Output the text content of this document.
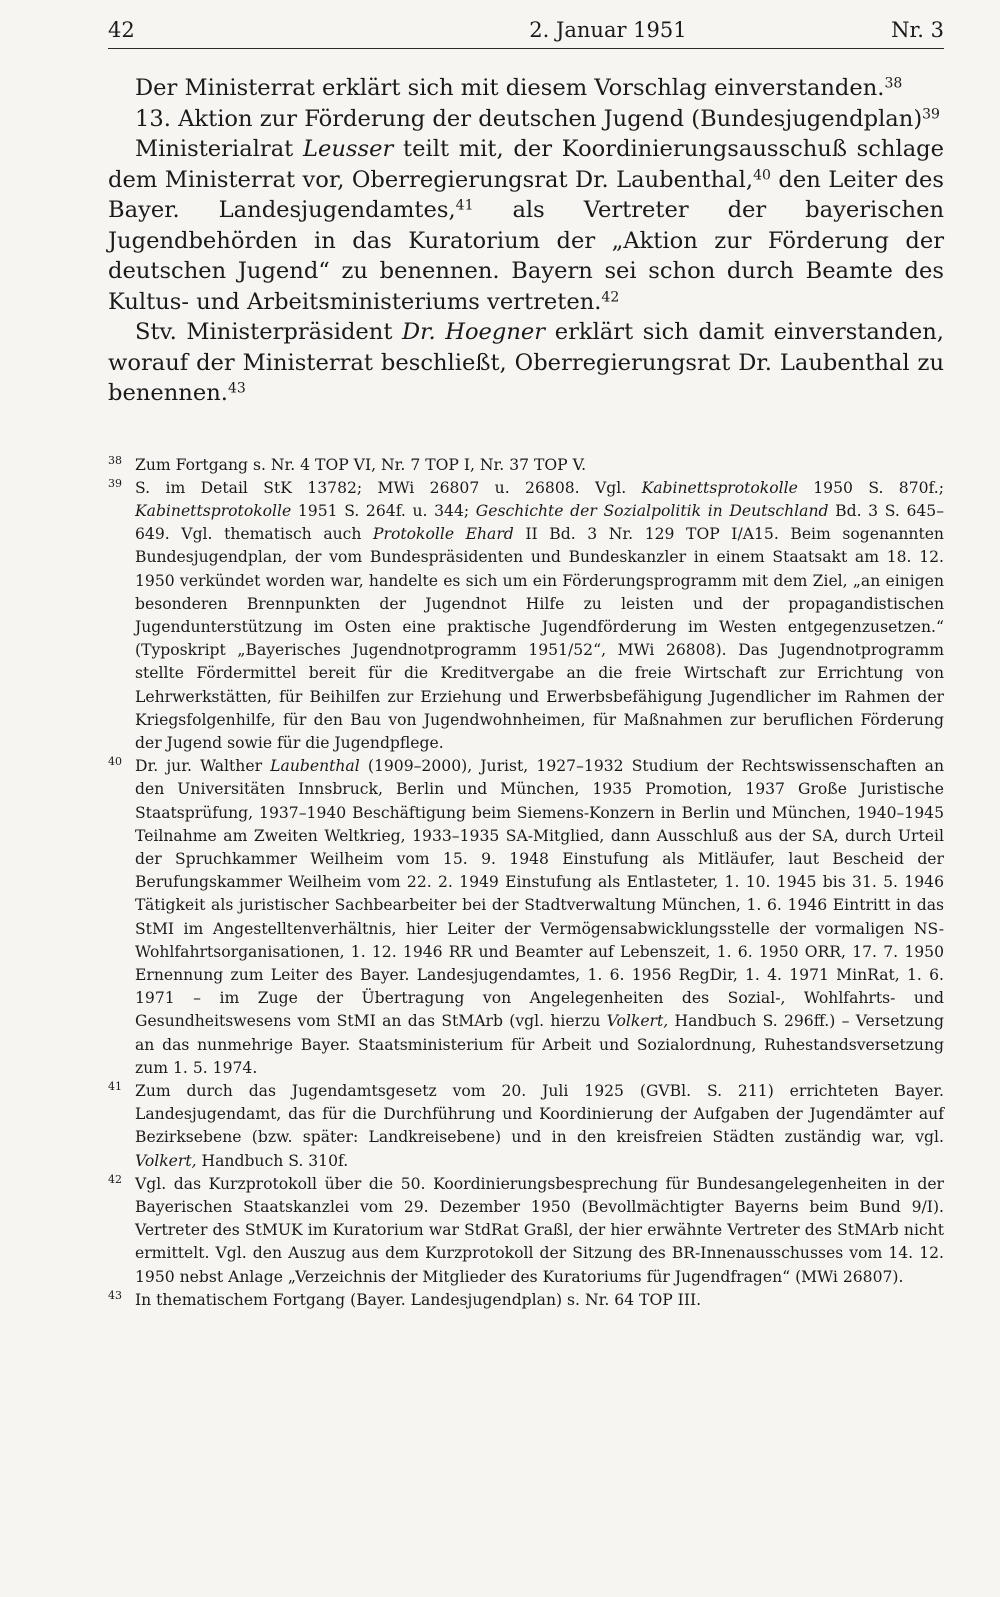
42	2. Januar 1951	Nr. 3

Der Ministerrat erklärt sich mit diesem Vorschlag einverstanden.$^{38}$

13. Aktion zur Förderung der deutschen Jugend (Bundesjugendplan)$^{39}$

Ministerialrat Leusser teilt mit, der Koordinierungsausschuß schlage dem Ministerrat vor, Oberregierungsrat Dr. Laubenthal,$^{40}$ den Leiter des Bayer. Landesjugendamtes,$^{41}$ als Vertreter der bayerischen Jugendbehörden in das Kuratorium der „Aktion zur Förderung der deutschen Jugend“ zu benennen. Bayern sei schon durch Beamte des Kultus- und Arbeitsministeriums vertreten.$^{42}$

Stv. Ministerpräsident Dr. Hoegner erklärt sich damit einverstanden, worauf der Ministerrat beschließt, Oberregierungsrat Dr. Laubenthal zu benennen.$^{43}$

38 Zum Fortgang s. Nr. 4 TOP VI, Nr. 7 TOP I, Nr. 37 TOP V.
39 S. im Detail StK 13782; MWi 26807 u. 26808. Vgl. Kabinettsprotokolle 1950 S. 870f.; Kabinettsprotokolle 1951 S. 264f. u. 344; Geschichte der Sozialpolitik in Deutschland Bd. 3 S. 645–649. Vgl. thematisch auch Protokolle Ehard II Bd. 3 Nr. 129 TOP I/A15. Beim sogenannten Bundesjugendplan, der vom Bundespräsidenten und Bundeskanzler in einem Staatsakt am 18. 12. 1950 verkündet worden war, handelte es sich um ein Förderungsprogramm mit dem Ziel, „an einigen besonderen Brennpunkten der Jugendnot Hilfe zu leisten und der propagandistischen Jugendunterstützung im Osten eine praktische Jugendförderung im Westen entgegenzusetzen.“ (Typoskript „Bayerisches Jugendnotprogramm 1951/52“, MWi 26808). Das Jugendnotprogramm stellte Fördermittel bereit für die Kreditvergabe an die freie Wirtschaft zur Errichtung von Lehrwerkstätten, für Beihilfen zur Erziehung und Erwerbsbefähigung Jugendlicher im Rahmen der Kriegsfolgenhilfe, für den Bau von Jugendwohnheimen, für Maßnahmen zur beruflichen Förderung der Jugend sowie für die Jugendpflege.
40 Dr. jur. Walther Laubenthal (1909–2000), Jurist, 1927–1932 Studium der Rechtswissenschaften an den Universitäten Innsbruck, Berlin und München, 1935 Promotion, 1937 Große Juristische Staatsprüfung, 1937–1940 Beschäftigung beim Siemens-Konzern in Berlin und München, 1940–1945 Teilnahme am Zweiten Weltkrieg, 1933–1935 SA-Mitglied, dann Ausschluß aus der SA, durch Urteil der Spruchkammer Weilheim vom 15. 9. 1948 Einstufung als Mitläufer, laut Bescheid der Berufungskammer Weilheim vom 22. 2. 1949 Einstufung als Entlasteter, 1. 10. 1945 bis 31. 5. 1946 Tätigkeit als juristischer Sachbearbeiter bei der Stadtverwaltung München, 1. 6. 1946 Eintritt in das StMI im Angestelltenverhältnis, hier Leiter der Vermögensabwicklungsstelle der vormaligen NS-Wohlfahrtsorganisationen, 1. 12. 1946 RR und Beamter auf Lebenszeit, 1. 6. 1950 ORR, 17. 7. 1950 Ernennung zum Leiter des Bayer. Landesjugendamtes, 1. 6. 1956 RegDir, 1. 4. 1971 MinRat, 1. 6. 1971 – im Zuge der Übertragung von Angelegenheiten des Sozial-, Wohlfahrts- und Gesundheitswesens vom StMI an das StMArb (vgl. hierzu Volkert, Handbuch S. 296ff.) – Versetzung an das nunmehrige Bayer. Staatsministerium für Arbeit und Sozialordnung, Ruhestandsversetzung zum 1. 5. 1974.
41 Zum durch das Jugendamtsgesetz vom 20. Juli 1925 (GVBl. S. 211) errichteten Bayer. Landesjugendamt, das für die Durchführung und Koordinierung der Aufgaben der Jugendämter auf Bezirksebene (bzw. später: Landkreisebene) und in den kreisfreien Städten zuständig war, vgl. Volkert, Handbuch S. 310f.
42 Vgl. das Kurzprotokoll über die 50. Koordinierungsbesprechung für Bundesangelegenheiten in der Bayerischen Staatskanzlei vom 29. Dezember 1950 (Bevollmächtigter Bayerns beim Bund 9/I). Vertreter des StMUK im Kuratorium war StdRat Graßl, der hier erwähnte Vertreter des StMArb nicht ermittelt. Vgl. den Auszug aus dem Kurzprotokoll der Sitzung des BR-Innenausschusses vom 14. 12. 1950 nebst Anlage „Verzeichnis der Mitglieder des Kuratoriums für Jugendfragen“ (MWi 26807).
43 In thematischem Fortgang (Bayer. Landesjugendplan) s. Nr. 64 TOP III.
